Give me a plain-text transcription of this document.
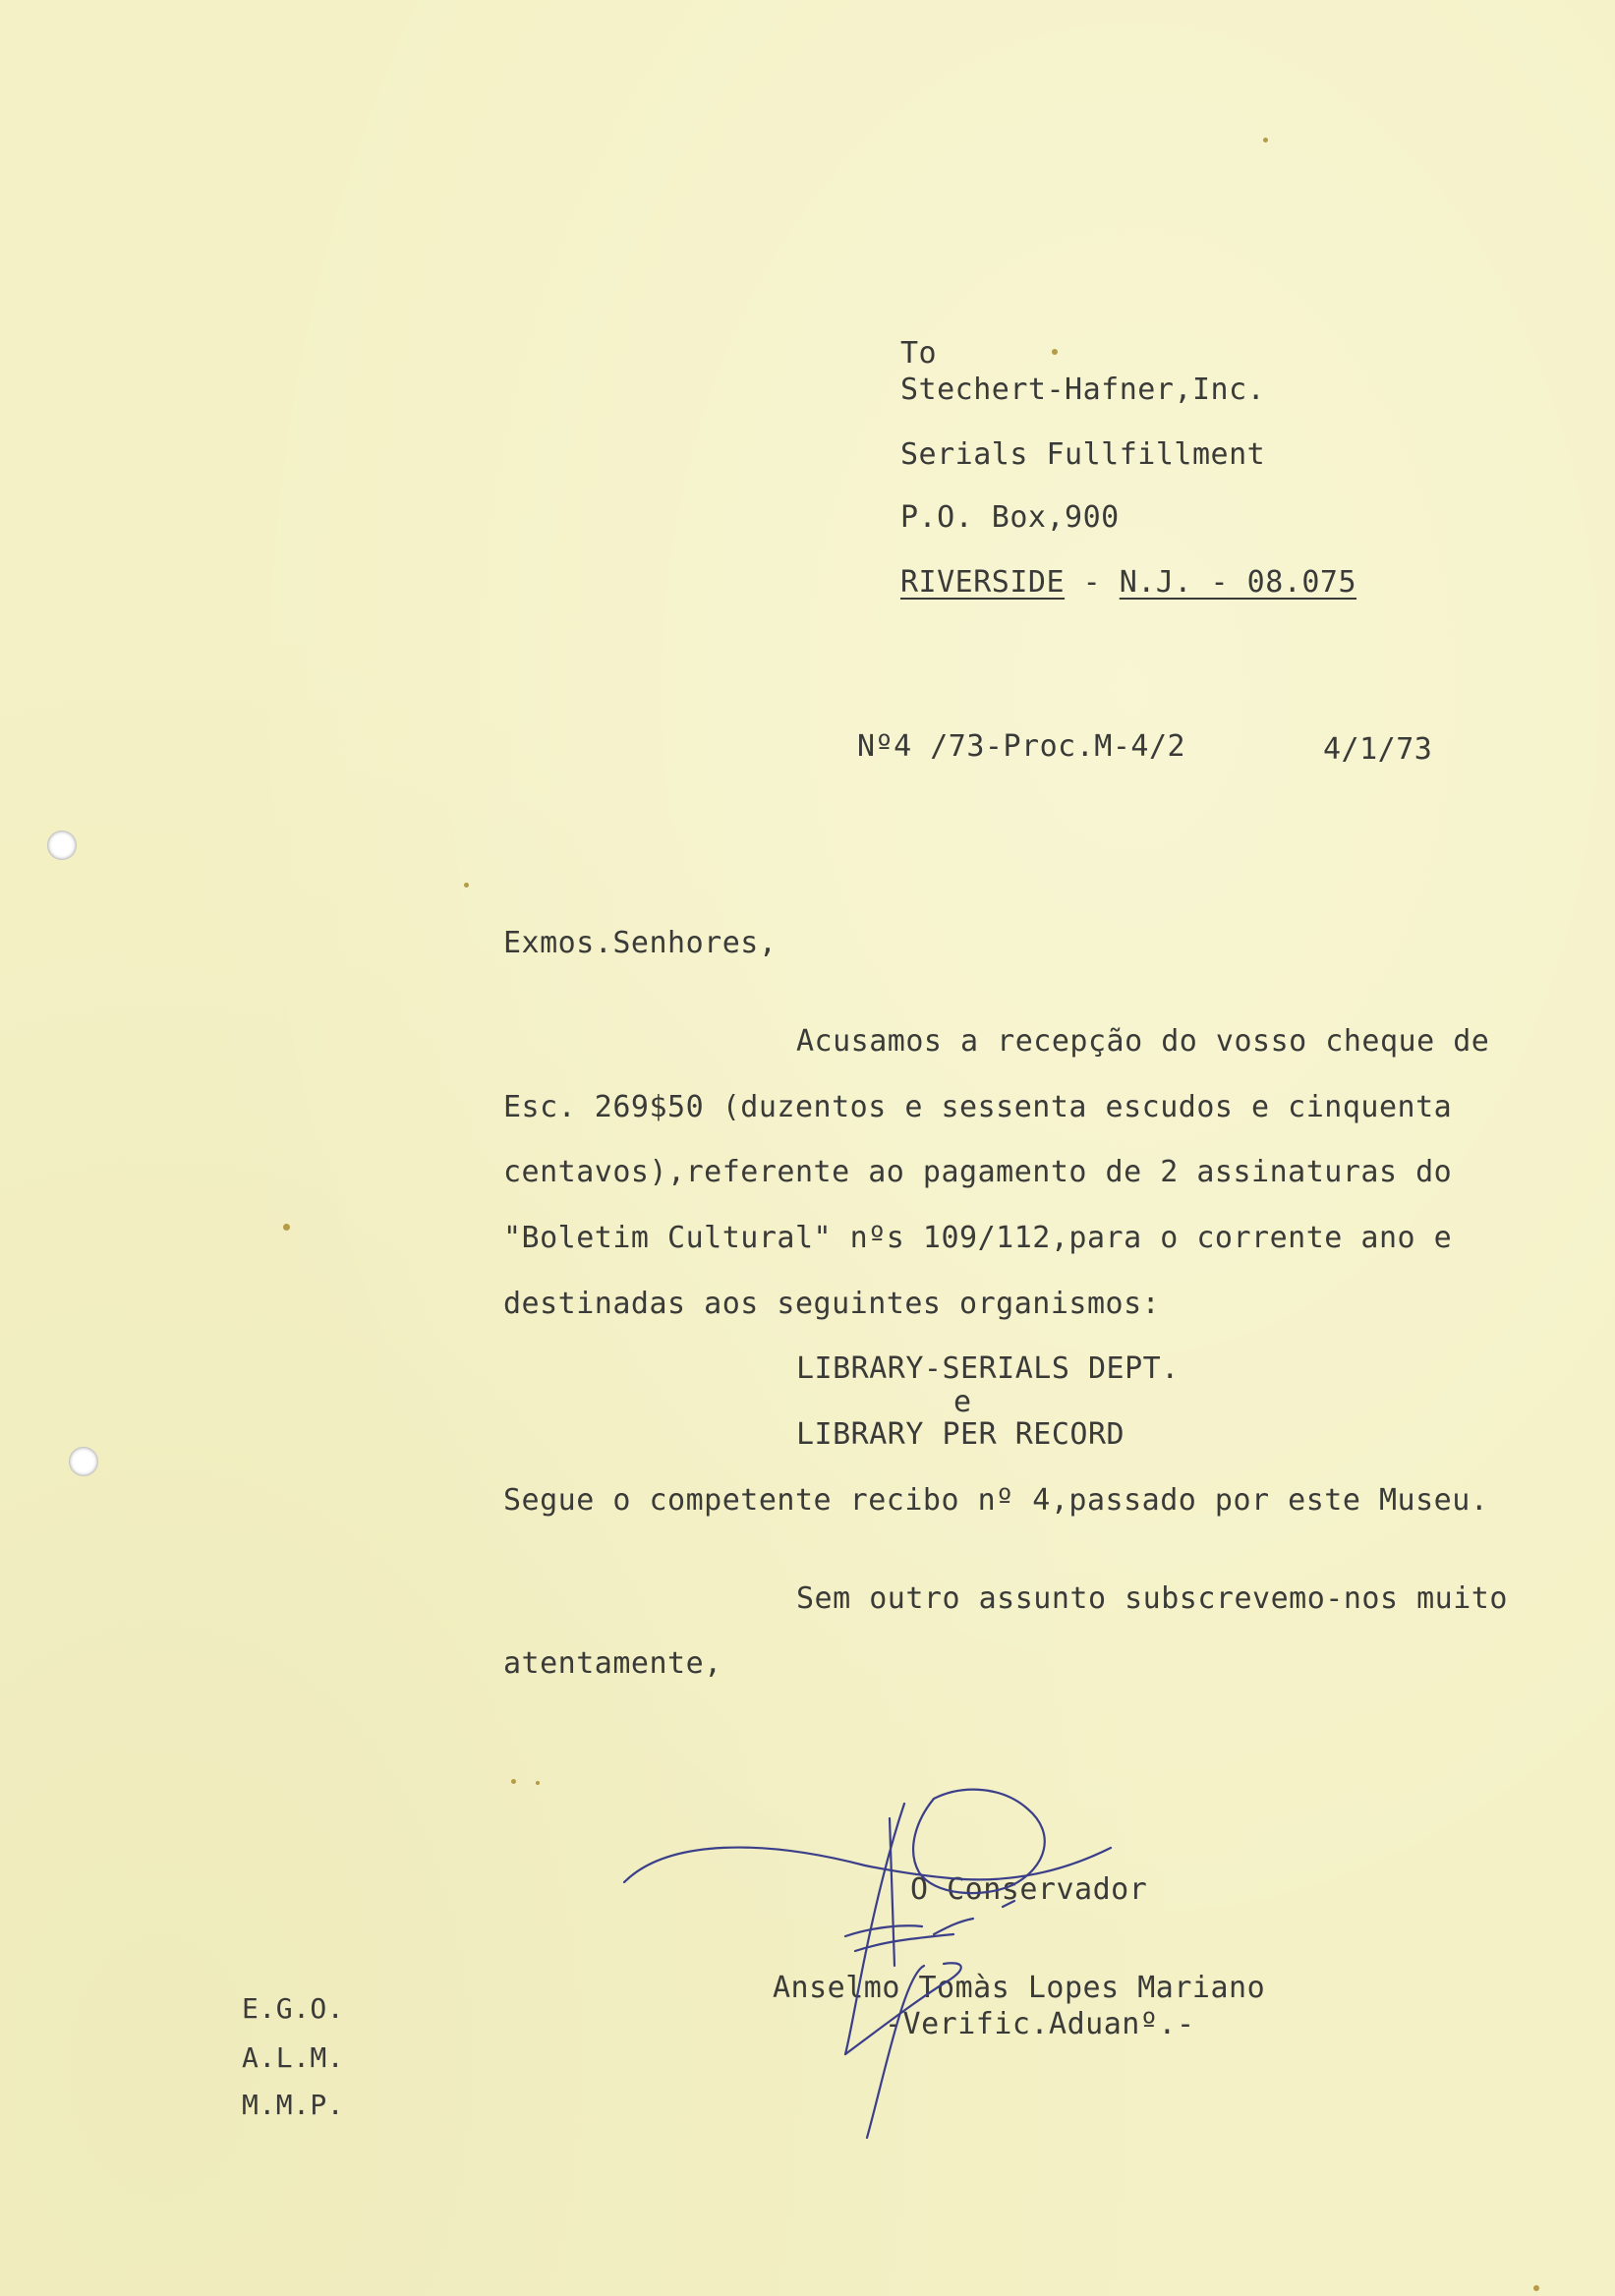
To
Stechert-Hafner,Inc.
Serials Fullfillment
P.O. Box,900
RIVERSIDE - N.J. - 08.075
Nº4 /73-Proc.M-4/2	4/1/73
Exmos.Senhores,
Acusamos a recepção do vosso cheque de
Esc. 269$50 (duzentos e sessenta escudos e cinquenta
centavos),referente ao pagamento de 2 assinaturas do
"Boletim Cultural" nºs 109/112,para o corrente ano e
destinadas aos seguintes organismos:
LIBRARY-SERIALS DEPT.
e
LIBRARY PER RECORD
Segue o competente recibo nº 4,passado por este Museu.
Sem outro assunto subscrevemo-nos muito
atentamente,
O Conservador
Anselmo Tomàs Lopes Mariano
-Verific.Aduanº.-
E.G.O.
A.L.M.
M.M.P.
